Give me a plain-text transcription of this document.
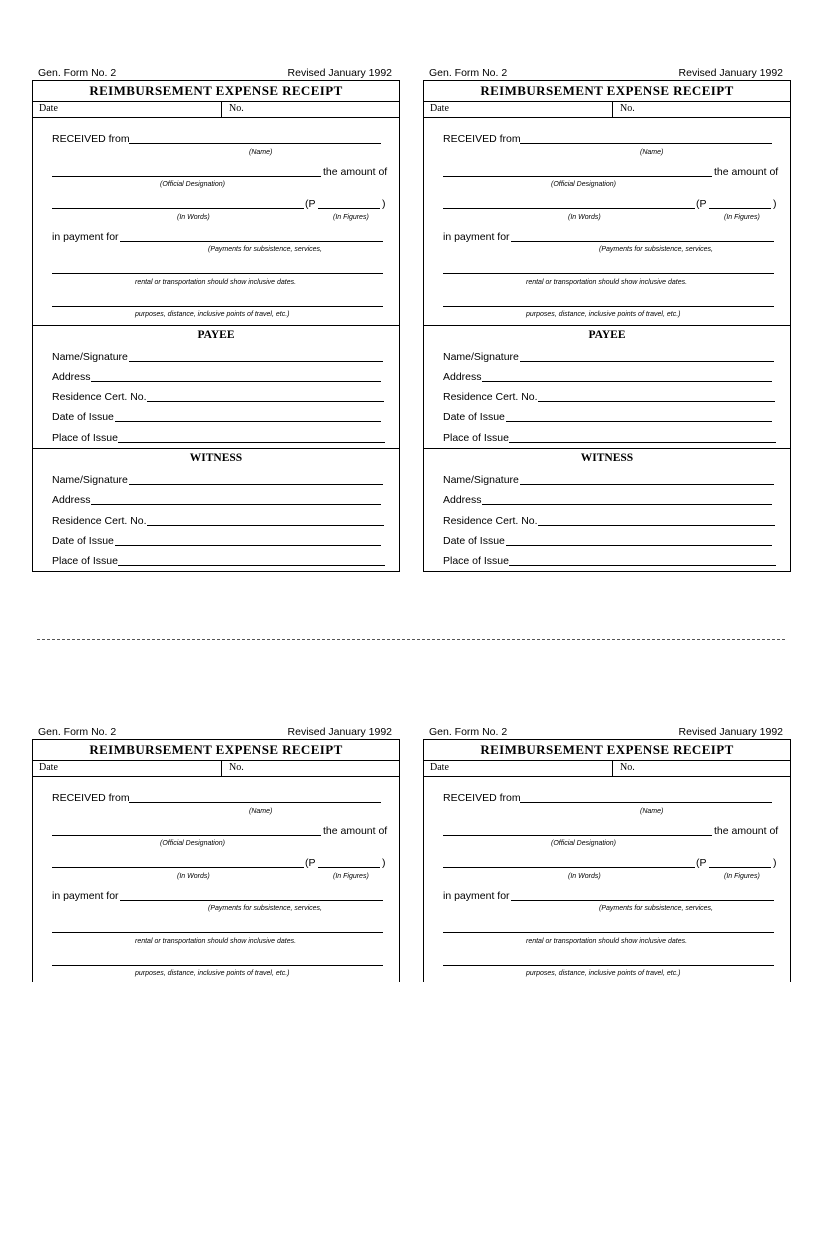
Gen. Form No. 2	Revised January 1992
REIMBURSEMENT EXPENSE RECEIPT
Date	No.
RECEIVED from
(Name)
the amount of
(Official Designation)
(P	)
(In Words)	(In Figures)
in payment for
(Payments for subsistence, services,
rental or transportation should show inclusive dates.
purposes, distance, inclusive points of travel, etc.)
PAYEE
Name/Signature
Address
Residence Cert. No.
Date of Issue
Place of Issue
WITNESS
Name/Signature
Address
Residence Cert. No.
Date of Issue
Place of Issue
Gen. Form No. 2	Revised January 1992
REIMBURSEMENT EXPENSE RECEIPT
Date	No.
RECEIVED from
(Name)
the amount of
(Official Designation)
(P	)
(In Words)	(In Figures)
in payment for
(Payments for subsistence, services,
rental or transportation should show inclusive dates.
purposes, distance, inclusive points of travel, etc.)
PAYEE
Name/Signature
Address
Residence Cert. No.
Date of Issue
Place of Issue
WITNESS
Name/Signature
Address
Residence Cert. No.
Date of Issue
Place of Issue
Gen. Form No. 2	Revised January 1992
REIMBURSEMENT EXPENSE RECEIPT
Date	No.
RECEIVED from
(Name)
the amount of
(Official Designation)
(P	)
(In Words)	(In Figures)
in payment for
(Payments for subsistence, services,
rental or transportation should show inclusive dates.
purposes, distance, inclusive points of travel, etc.)
Gen. Form No. 2	Revised January 1992
REIMBURSEMENT EXPENSE RECEIPT
Date	No.
RECEIVED from
(Name)
the amount of
(Official Designation)
(P	)
(In Words)	(In Figures)
in payment for
(Payments for subsistence, services,
rental or transportation should show inclusive dates.
purposes, distance, inclusive points of travel, etc.)
